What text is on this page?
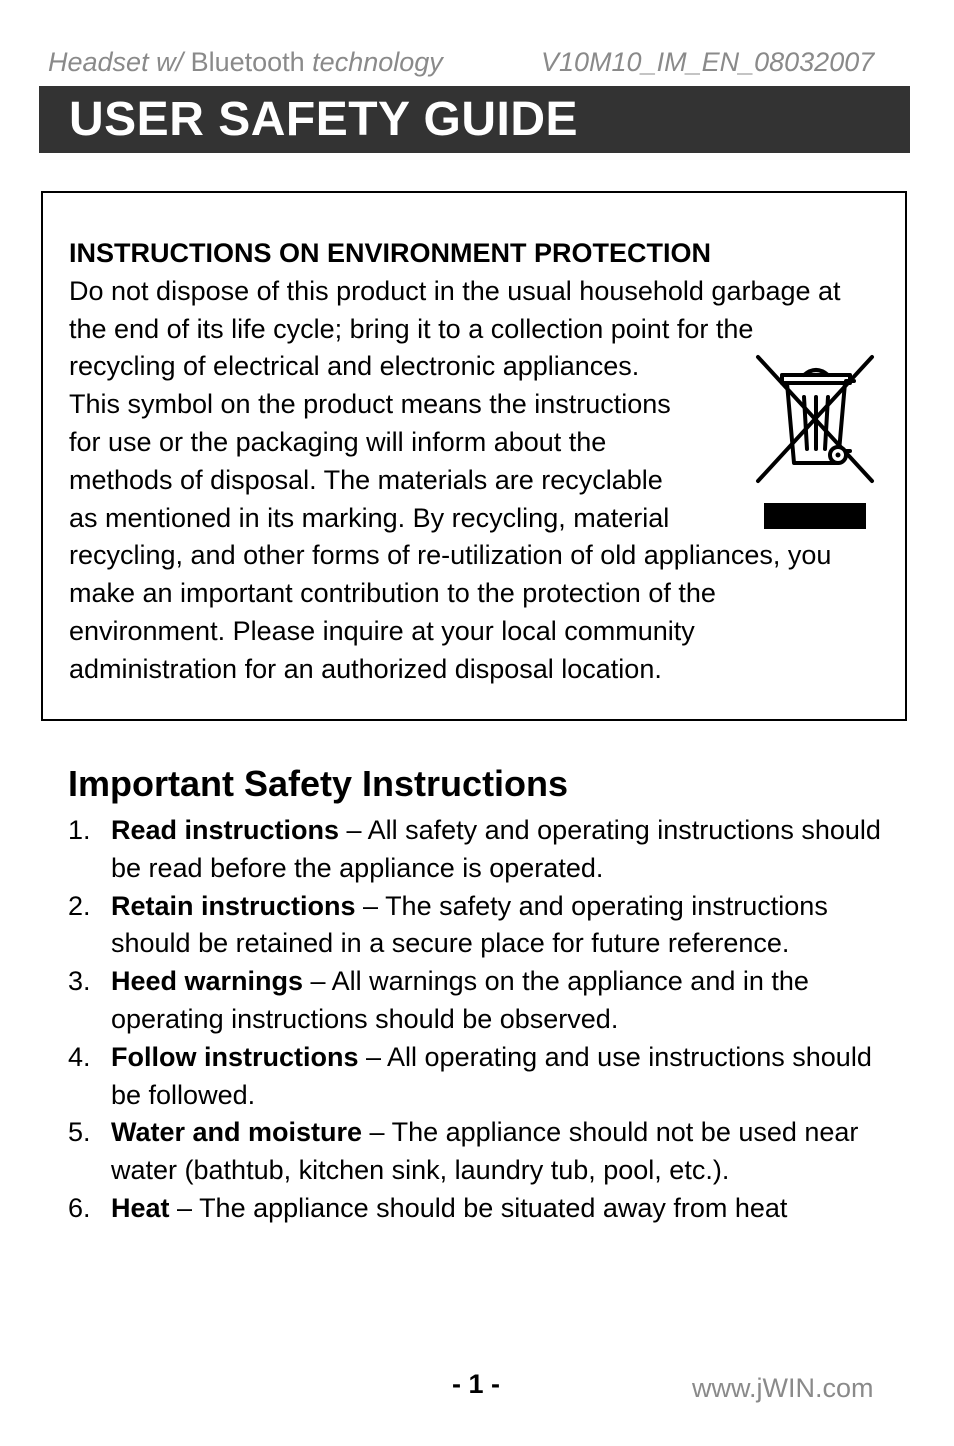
Headset w/ Bluetooth technology	V10M10_IM_EN_08032007
USER SAFETY GUIDE
INSTRUCTIONS ON ENVIRONMENT PROTECTION
Do not dispose of this product in the usual household garbage at
the end of its life cycle; bring it to a collection point for the
recycling of electrical and electronic appliances.
This symbol on the product means the instructions
for use or the packaging will inform about the
methods of disposal. The materials are recyclable
as mentioned in its marking. By recycling, material
recycling, and other forms of re-utilization of old appliances, you
make an important contribution to the protection of the
environment. Please inquire at your local community
administration for an authorized disposal location.
Important Safety Instructions
1. Read instructions – All safety and operating instructions should be read before the appliance is operated.
2. Retain instructions – The safety and operating instructions should be retained in a secure place for future reference.
3. Heed warnings – All warnings on the appliance and in the operating instructions should be observed.
4. Follow instructions – All operating and use instructions should be followed.
5. Water and moisture – The appliance should not be used near water (bathtub, kitchen sink, laundry tub, pool, etc.).
6. Heat – The appliance should be situated away from heat
- 1 -	www.jWIN.com
